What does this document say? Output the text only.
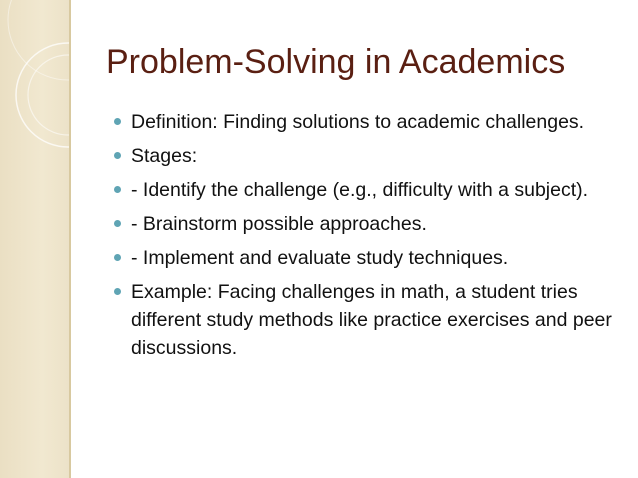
Problem-Solving in Academics
Definition: Finding solutions to academic challenges.
Stages:
- Identify the challenge (e.g., difficulty with a subject).
- Brainstorm possible approaches.
- Implement and evaluate study techniques.
Example: Facing challenges in math, a student tries different study methods like practice exercises and peer discussions.
